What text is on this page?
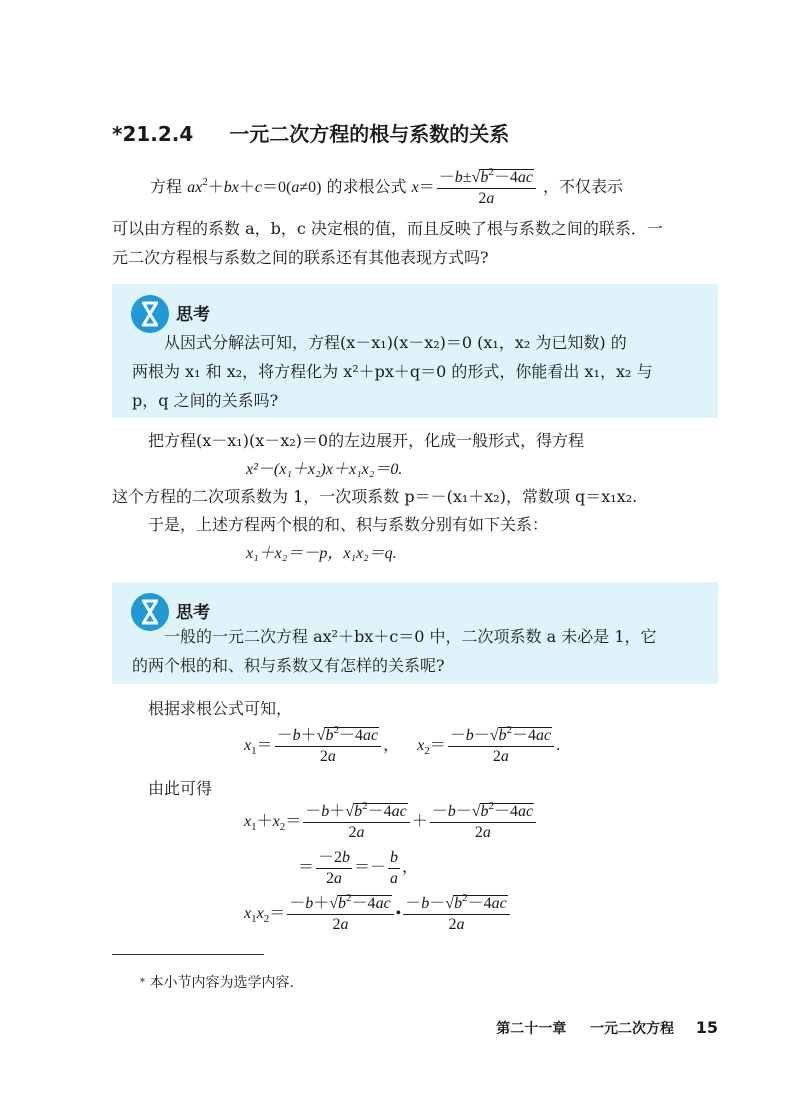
*21.2.4 一元二次方程的根与系数的关系
方程 $ax^2+bx+c=0(a\ne 0)$ 的求根公式 $x= \frac{-b\pm√b^2-4ac}{2a}$ ，不仅表示
可以由方程的系数 a，b，c 决定根的值，而且反映了根与系数之间的联系．一
元二次方程根与系数之间的联系还有其他表现方式吗?
思考

从因式分解法可知，方程(x－x₁)(x－x₂)＝0 (x₁，x₂ 为已知数) 的

两根为 x₁ 和 x₂，将方程化为 x²＋px＋q＝0 的形式，你能看出 x₁，x₂ 与

p，q 之间的关系吗?

把方程(x－x₁)(x－x₂)＝0的左边展开，化成一般形式，得方程
x²－(x₁＋x₂)x＋x₁x₂＝0.
这个方程的二次项系数为 1，一次项系数 p＝－(x₁＋x₂)，常数项 q＝x₁x₂.
于是，上述方程两个根的和、积与系数分别有如下关系：
x₁＋x₂＝－p，x₁x₂＝q.
思考

一般的一元二次方程 ax²＋bx＋c＝0 中，二次项系数 a 未必是 1，它

的两个根的和、积与系数又有怎样的关系呢?

根据求根公式可知，
$x_1= \frac{-b+√b^2-4ac}{2a}$ ，  $x_2= \frac{-b-√b^2-4ac}{2a}$ .
由此可得
$x_1+x_2= \frac{-b+√b^2-4ac}{2a} + \frac{-b-√b^2-4ac}{2a}$
＝ $\frac{-2b}{2a} =- \frac{b}{a}$ ，
$x_1x_2= \frac{-b+√b^2-4ac}{2a}$ • $\frac{-b-√b^2-4ac}{2a}$
* 本小节内容为选学内容.
第二十一章 一元二次方程 15
